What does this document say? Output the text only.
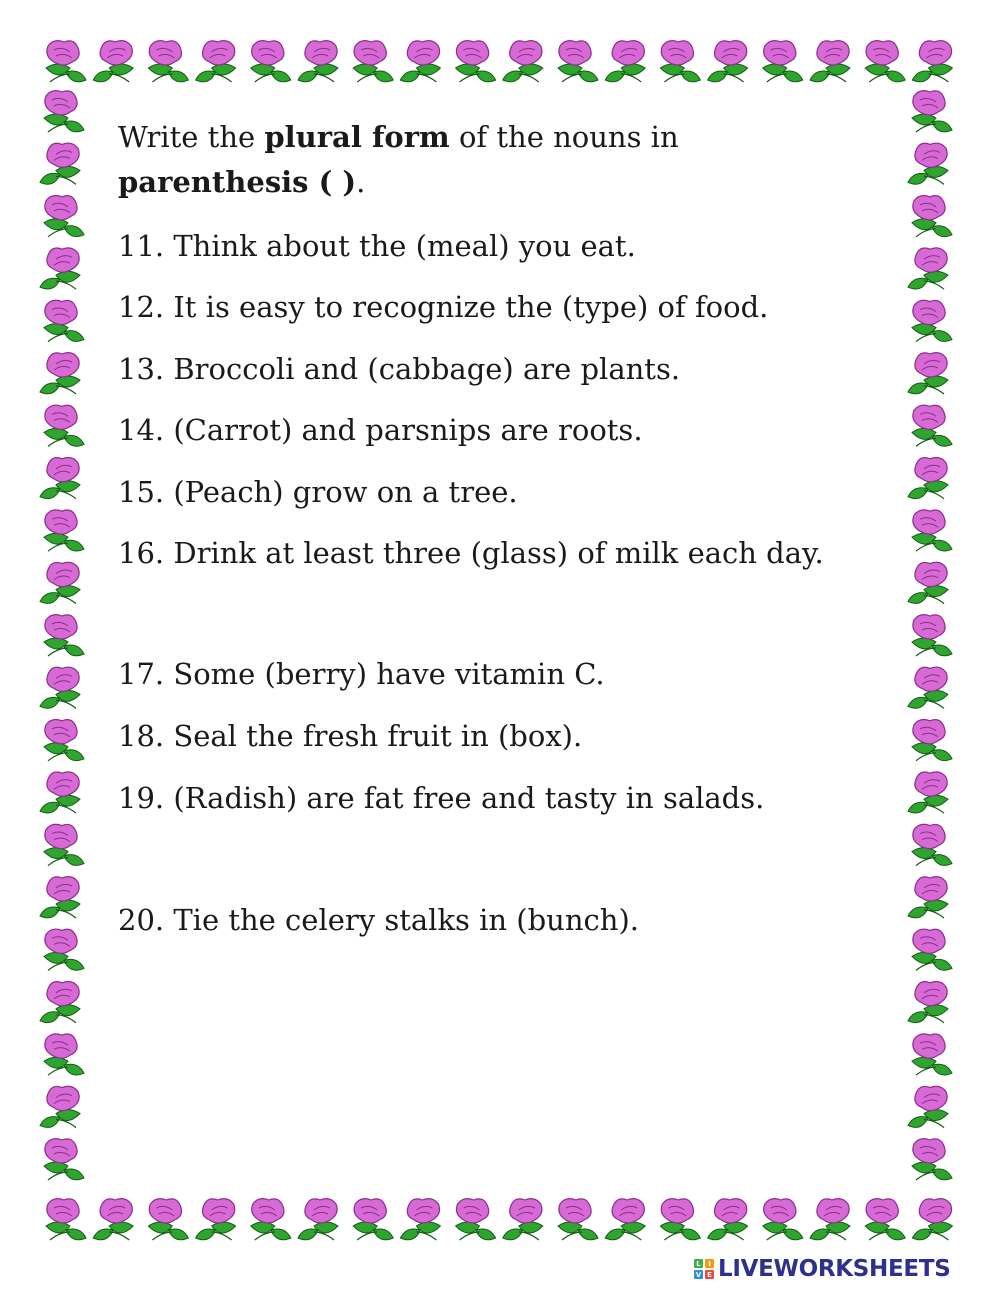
Write the plural form of the nouns in
parenthesis ( ).

11. Think about the (meal) you eat.
12. It is easy to recognize the (type) of food.
13. Broccoli and (cabbage) are plants.
14. (Carrot) and parsnips are roots.
15. (Peach) grow on a tree.
16. Drink at least three (glass) of milk each day.
17. Some (berry) have vitamin C.
18. Seal the fresh fruit in (box).
19. (Radish) are fat free and tasty in salads.
20. Tie the celery stalks in (bunch).
L	I
V E LIVEWORKSHEETS
